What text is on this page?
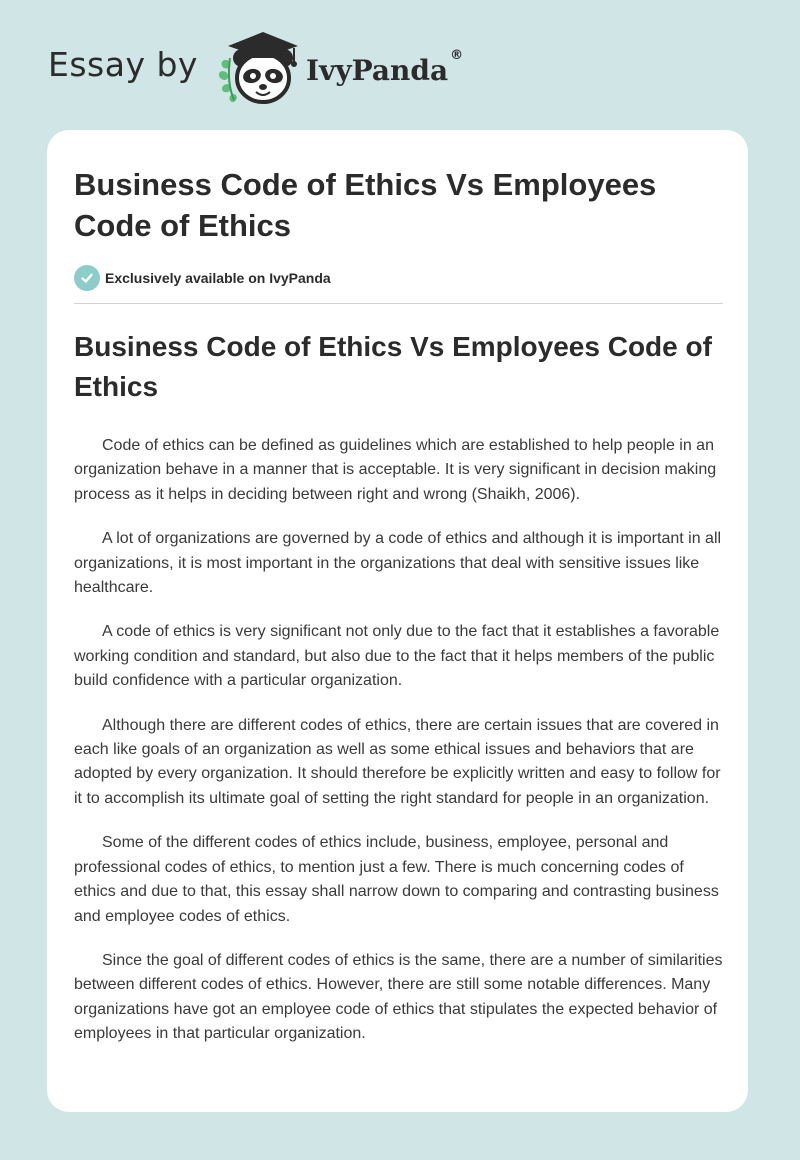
Essay by	IvyPanda ®
Business Code of Ethics Vs Employees Code of Ethics
Exclusively available on IvyPanda
Business Code of Ethics Vs Employees Code of Ethics

Code of ethics can be defined as guidelines which are established to help people in an organization behave in a manner that is acceptable. It is very significant in decision making process as it helps in deciding between right and wrong (Shaikh, 2006).

A lot of organizations are governed by a code of ethics and although it is important in all organizations, it is most important in the organizations that deal with sensitive issues like healthcare.

A code of ethics is very significant not only due to the fact that it establishes a favorable working condition and standard, but also due to the fact that it helps members of the public build confidence with a particular organization.

Although there are different codes of ethics, there are certain issues that are covered in each like goals of an organization as well as some ethical issues and behaviors that are adopted by every organization. It should therefore be explicitly written and easy to follow for it to accomplish its ultimate goal of setting the right standard for people in an organization.

Some of the different codes of ethics include, business, employee, personal and professional codes of ethics, to mention just a few. There is much concerning codes of ethics and due to that, this essay shall narrow down to comparing and contrasting business and employee codes of ethics.

Since the goal of different codes of ethics is the same, there are a number of similarities between different codes of ethics. However, there are still some notable differences. Many organizations have got an employee code of ethics that stipulates the expected behavior of employees in that particular organization.
